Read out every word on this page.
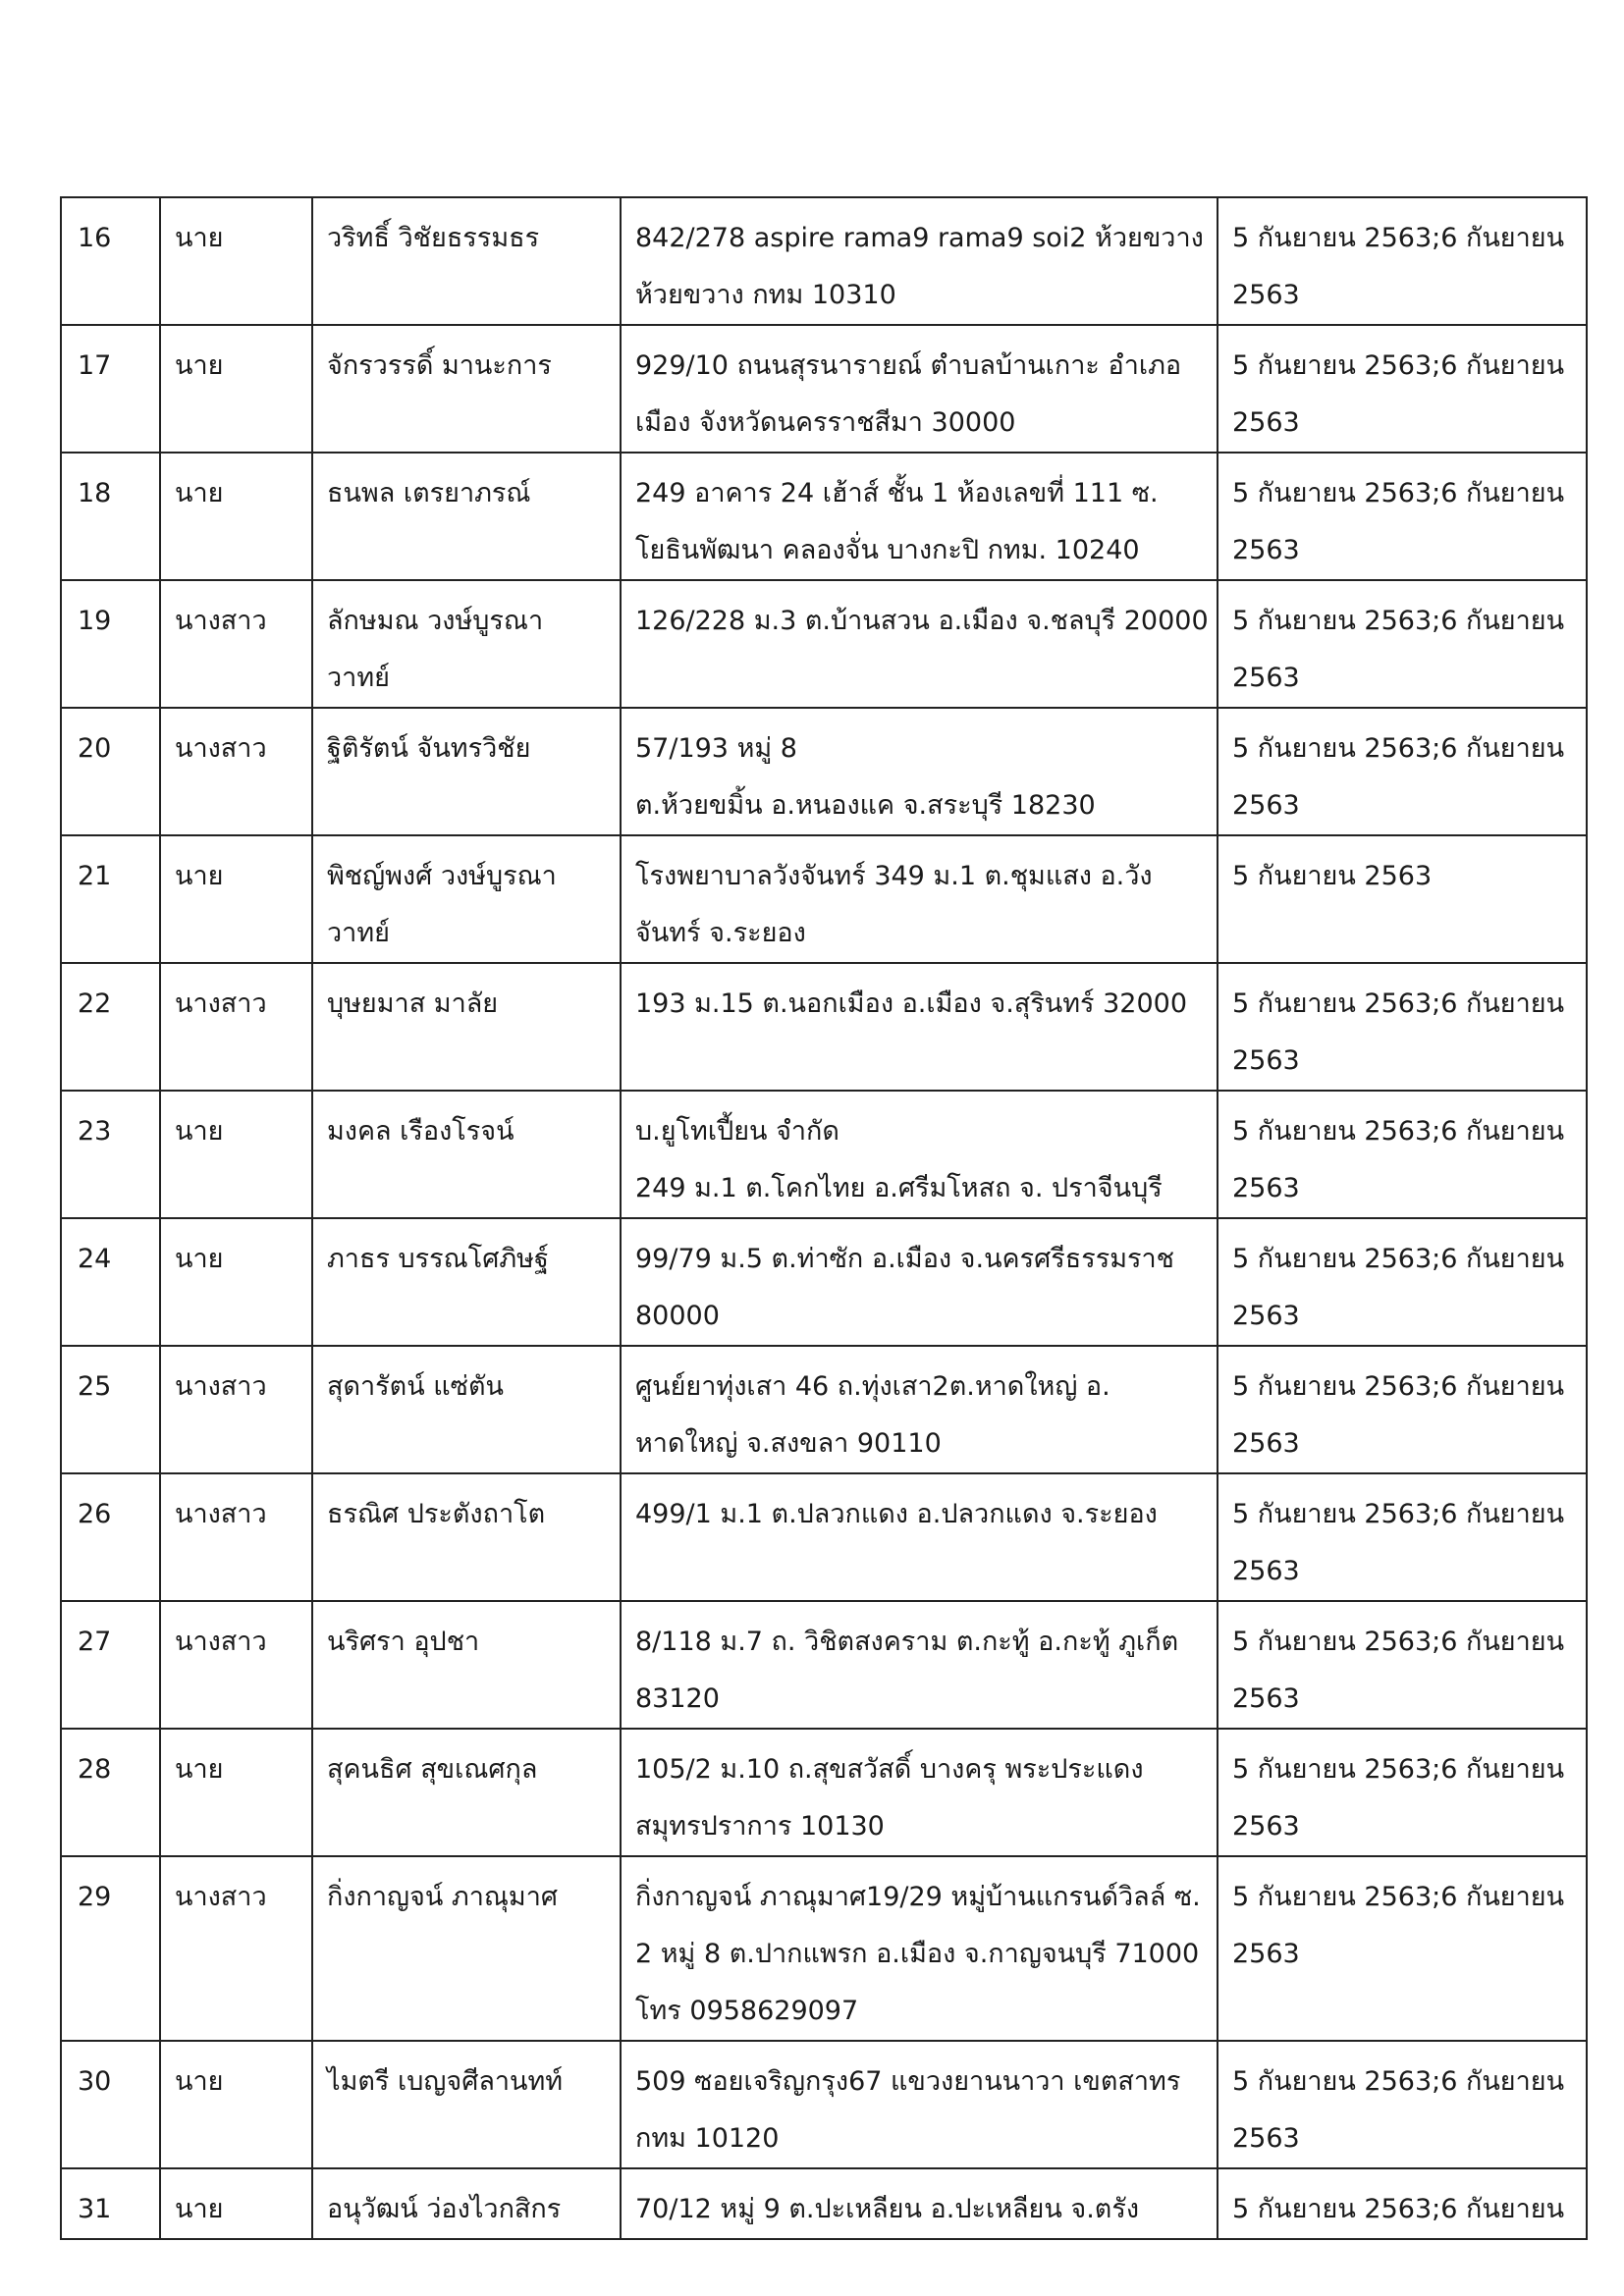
16	นาย	วริทธิ์ วิชัยธรรมธร	842/278 aspire rama9 rama9 soi2 ห้วยขวาง
ห้วยขวาง กทม 10310	5 กันยายน 2563;6 กันยายน
2563

17	นาย	จักรวรรดิ์ มานะการ	929/10 ถนนสุรนารายณ์ ตำบลบ้านเกาะ อำเภอ
เมือง จังหวัดนครราชสีมา 30000	5 กันยายน 2563;6 กันยายน
2563

18	นาย	ธนพล เตรยาภรณ์	249 อาคาร 24 เฮ้าส์ ชั้น 1 ห้องเลขที่ 111 ซ.
โยธินพัฒนา คลองจั่น บางกะปิ กทม. 10240	5 กันยายน 2563;6 กันยายน
2563

19	นางสาว	ลักษมณ วงษ์บูรณา
วาทย์	126/228 ม.3 ต.บ้านสวน อ.เมือง จ.ชลบุรี 20000	5 กันยายน 2563;6 กันยายน
2563

20	นางสาว	ฐิติรัตน์ จันทรวิชัย	57/193 หมู่ 8
ต.ห้วยขมิ้น อ.หนองแค จ.สระบุรี 18230	5 กันยายน 2563;6 กันยายน
2563

21	นาย	พิชญ์พงศ์ วงษ์บูรณา
วาทย์	โรงพยาบาลวังจันทร์ 349 ม.1 ต.ชุมแสง อ.วัง
จันทร์ จ.ระยอง	5 กันยายน 2563

22	นางสาว	บุษยมาส มาลัย	193 ม.15 ต.นอกเมือง อ.เมือง จ.สุรินทร์ 32000	5 กันยายน 2563;6 กันยายน
2563

23	นาย	มงคล เรืองโรจน์	บ.ยูโทเปี้ยน จำกัด
249 ม.1 ต.โคกไทย อ.ศรีมโหสถ จ. ปราจีนบุรี	5 กันยายน 2563;6 กันยายน
2563

24	นาย	ภาธร บรรณโศภิษฐ์	99/79 ม.5 ต.ท่าซัก อ.เมือง จ.นครศรีธรรมราช
80000	5 กันยายน 2563;6 กันยายน
2563

25	นางสาว	สุดารัตน์ แซ่ตัน	ศูนย์ยาทุ่งเสา 46 ถ.ทุ่งเสา2ต.หาดใหญ่ อ.
หาดใหญ่ จ.สงขลา 90110	5 กันยายน 2563;6 กันยายน
2563

26	นางสาว	ธรณิศ ประตังถาโต	499/1 ม.1 ต.ปลวกแดง อ.ปลวกแดง จ.ระยอง	5 กันยายน 2563;6 กันยายน
2563

27	นางสาว	นริศรา อุปชา	8/118 ม.7 ถ. วิชิตสงคราม ต.กะทู้ อ.กะทู้ ภูเก็ต
83120	5 กันยายน 2563;6 กันยายน
2563

28	นาย	สุคนธิศ สุขเณศกุล	105/2 ม.10 ถ.สุขสวัสดิ์ บางครุ พระประแดง
สมุทรปราการ 10130	5 กันยายน 2563;6 กันยายน
2563

29	นางสาว	กิ่งกาญจน์ ภาณุมาศ	กิ่งกาญจน์ ภาณุมาศ19/29 หมู่บ้านแกรนด์วิลล์ ซ.
2 หมู่ 8 ต.ปากแพรก อ.เมือง จ.กาญจนบุรี 71000
โทร 0958629097	5 กันยายน 2563;6 กันยายน
2563

30	นาย	ไมตรี เบญจศีลานทท์	509 ซอยเจริญกรุง67 แขวงยานนาวา เขตสาทร
กทม 10120	5 กันยายน 2563;6 กันยายน
2563

31	นาย	อนุวัฒน์ ว่องไวกสิกร	70/12 หมู่ 9 ต.ปะเหลียน อ.ปะเหลียน จ.ตรัง	5 กันยายน 2563;6 กันยายน
